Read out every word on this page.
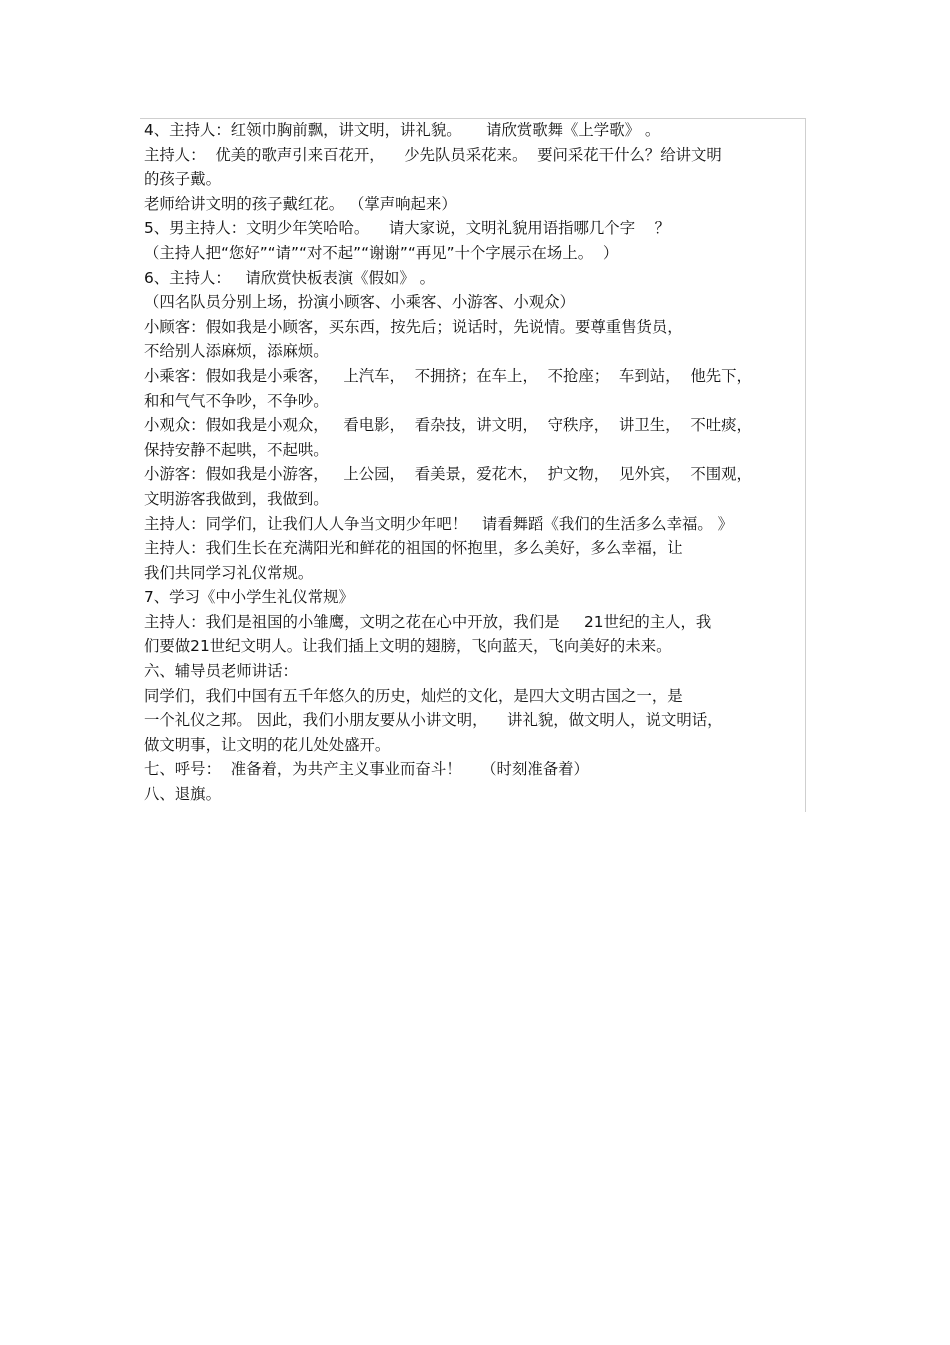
4、主持人：红领巾胸前飘，讲文明，讲礼貌。     请欣赏歌舞《上学歌》 。
主持人：  优美的歌声引来百花开，    少先队员采花来。  要问采花干什么？给讲文明
的孩子戴。
老师给讲文明的孩子戴红花。 （掌声响起来）
5、男主持人：文明少年笑哈哈。    请大家说，文明礼貌用语指哪几个字    ？
（主持人把“您好”“请”“对不起”“谢谢”“再见”十个字展示在场上。  ）
6、主持人：   请欣赏快板表演《假如》 。
（四名队员分别上场，扮演小顾客、小乘客、小游客、小观众）
小顾客：假如我是小顾客，买东西，按先后；说话时，先说情。要尊重售货员，
不给别人添麻烦，添麻烦。
小乘客：假如我是小乘客，   上汽车，  不拥挤；在车上，  不抢座；  车到站，  他先下，
和和气气不争吵，不争吵。
小观众：假如我是小观众，   看电影，  看杂技，讲文明，  守秩序，  讲卫生，  不吐痰，
保持安静不起哄，不起哄。
小游客：假如我是小游客，   上公园，  看美景，爱花木，  护文物，  见外宾，  不围观，
文明游客我做到，我做到。
主持人：同学们，让我们人人争当文明少年吧！   请看舞蹈《我们的生活多么幸福。 》
主持人：我们生长在充满阳光和鲜花的祖国的怀抱里，多么美好，多么幸福，让
我们共同学习礼仪常规。
7、学习《中小学生礼仪常规》
主持人：我们是祖国的小雏鹰，文明之花在心中开放，我们是     21世纪的主人，我
们要做21世纪文明人。让我们插上文明的翅膀，飞向蓝天，飞向美好的未来。
六、辅导员老师讲话：
同学们，我们中国有五千年悠久的历史，灿烂的文化，是四大文明古国之一，是
一个礼仪之邦。 因此，我们小朋友要从小讲文明，    讲礼貌，做文明人，说文明话，
做文明事，让文明的花儿处处盛开。
七、呼号：  准备着，为共产主义事业而奋斗！    （时刻准备着）
八、退旗。
